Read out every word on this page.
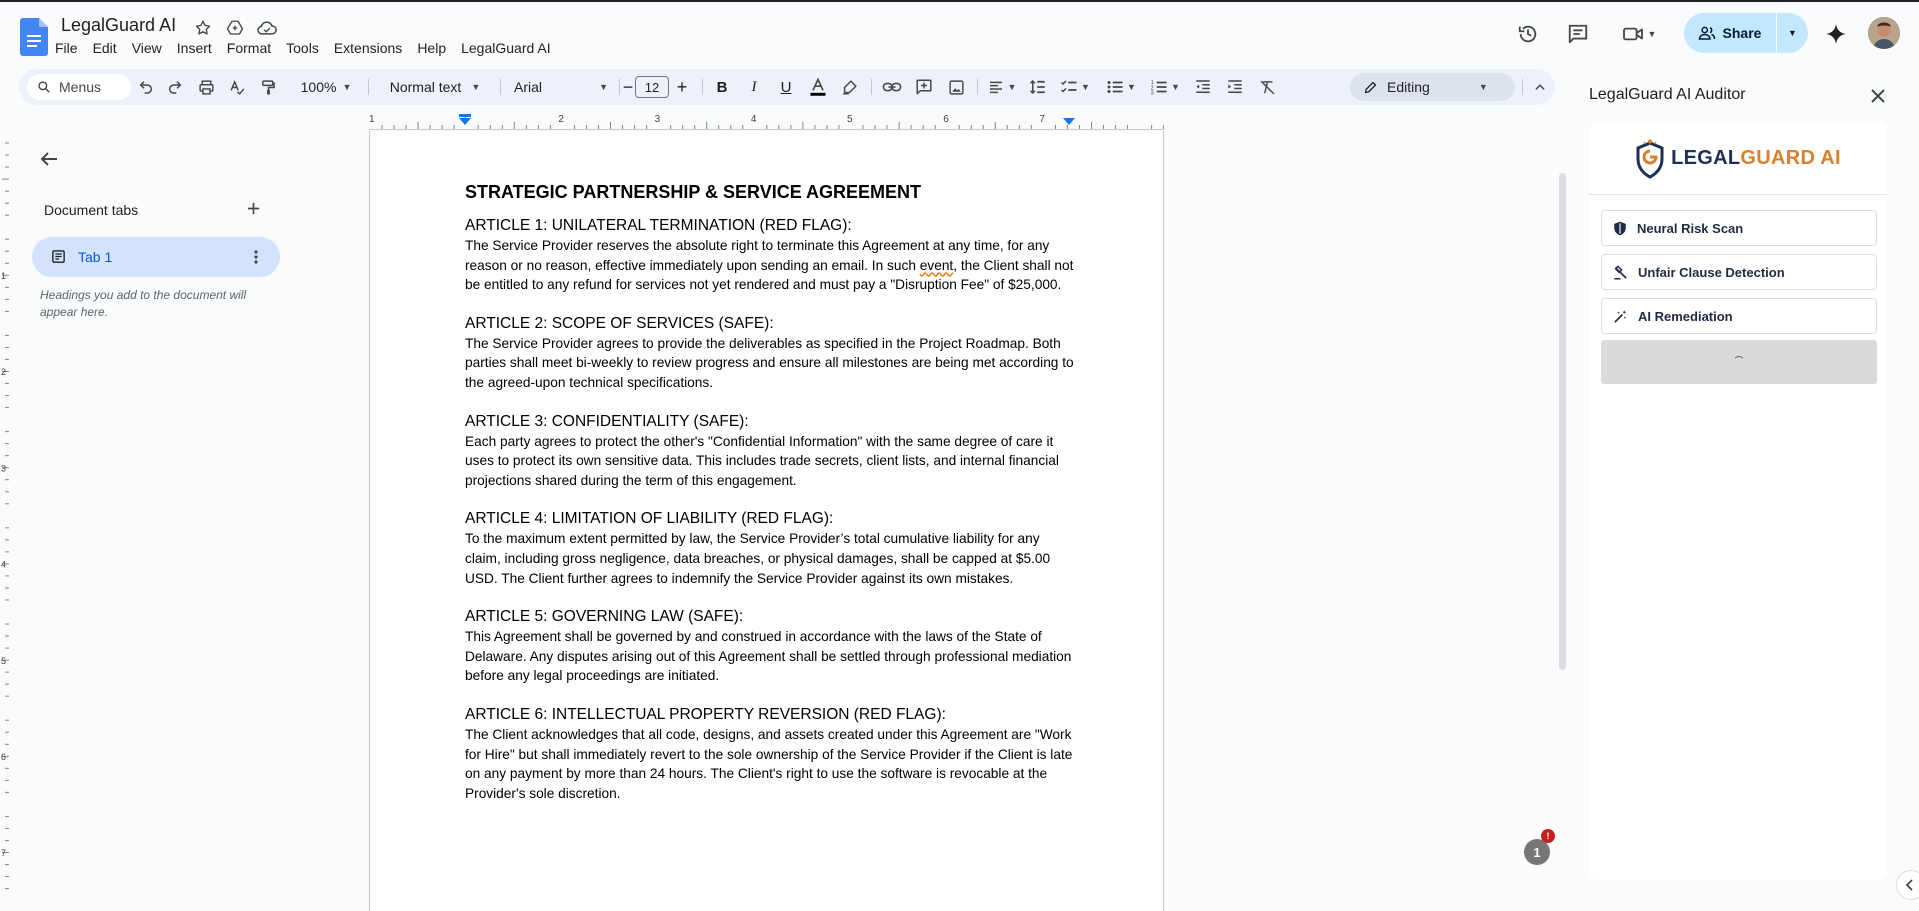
LegalGuard AI
File Edit View Insert Format Tools Extensions Help LegalGuard AI
▼	Share	▼
Menus	100% ▼	Normal text ▼ Arial	▼ − 12 +	B	I	U	▼	▼	▼ 1
2
3
▼	Editing	▼
1	2	3	4	5	6	7
1
2
3
4
5
6
7
Document tabs
Tab 1
Headings you add to the document will appear here.
STRATEGIC PARTNERSHIP & SERVICE AGREEMENT
ARTICLE 1: UNILATERAL TERMINATION (RED FLAG):
The Service Provider reserves the absolute right to terminate this Agreement at any time, for any reason or no reason, effective immediately upon sending an email. In such event, the Client shall not be entitled to any refund for services not yet rendered and must pay a "Disruption Fee" of $25,000.
ARTICLE 2: SCOPE OF SERVICES (SAFE):
The Service Provider agrees to provide the deliverables as specified in the Project Roadmap. Both parties shall meet bi-weekly to review progress and ensure all milestones are being met according to the agreed-upon technical specifications.
ARTICLE 3: CONFIDENTIALITY (SAFE):
Each party agrees to protect the other's "Confidential Information" with the same degree of care it uses to protect its own sensitive data. This includes trade secrets, client lists, and internal financial projections shared during the term of this engagement.
ARTICLE 4: LIMITATION OF LIABILITY (RED FLAG):
To the maximum extent permitted by law, the Service Provider’s total cumulative liability for any claim, including gross negligence, data breaches, or physical damages, shall be capped at $5.00 USD. The Client further agrees to indemnify the Service Provider against its own mistakes.
ARTICLE 5: GOVERNING LAW (SAFE):
This Agreement shall be governed by and construed in accordance with the laws of the State of Delaware. Any disputes arising out of this Agreement shall be settled through professional mediation before any legal proceedings are initiated.
ARTICLE 6: INTELLECTUAL PROPERTY REVERSION (RED FLAG):
The Client acknowledges that all code, designs, and assets created under this Agreement are "Work for Hire" but shall immediately revert to the sole ownership of the Service Provider if the Client is late on any payment by more than 24 hours. The Client's right to use the software is revocable at the Provider's sole discretion.
1
!
LegalGuard AI Auditor
LEGALGUARD AI
Neural Risk Scan
Unfair Clause Detection
AI Remediation
